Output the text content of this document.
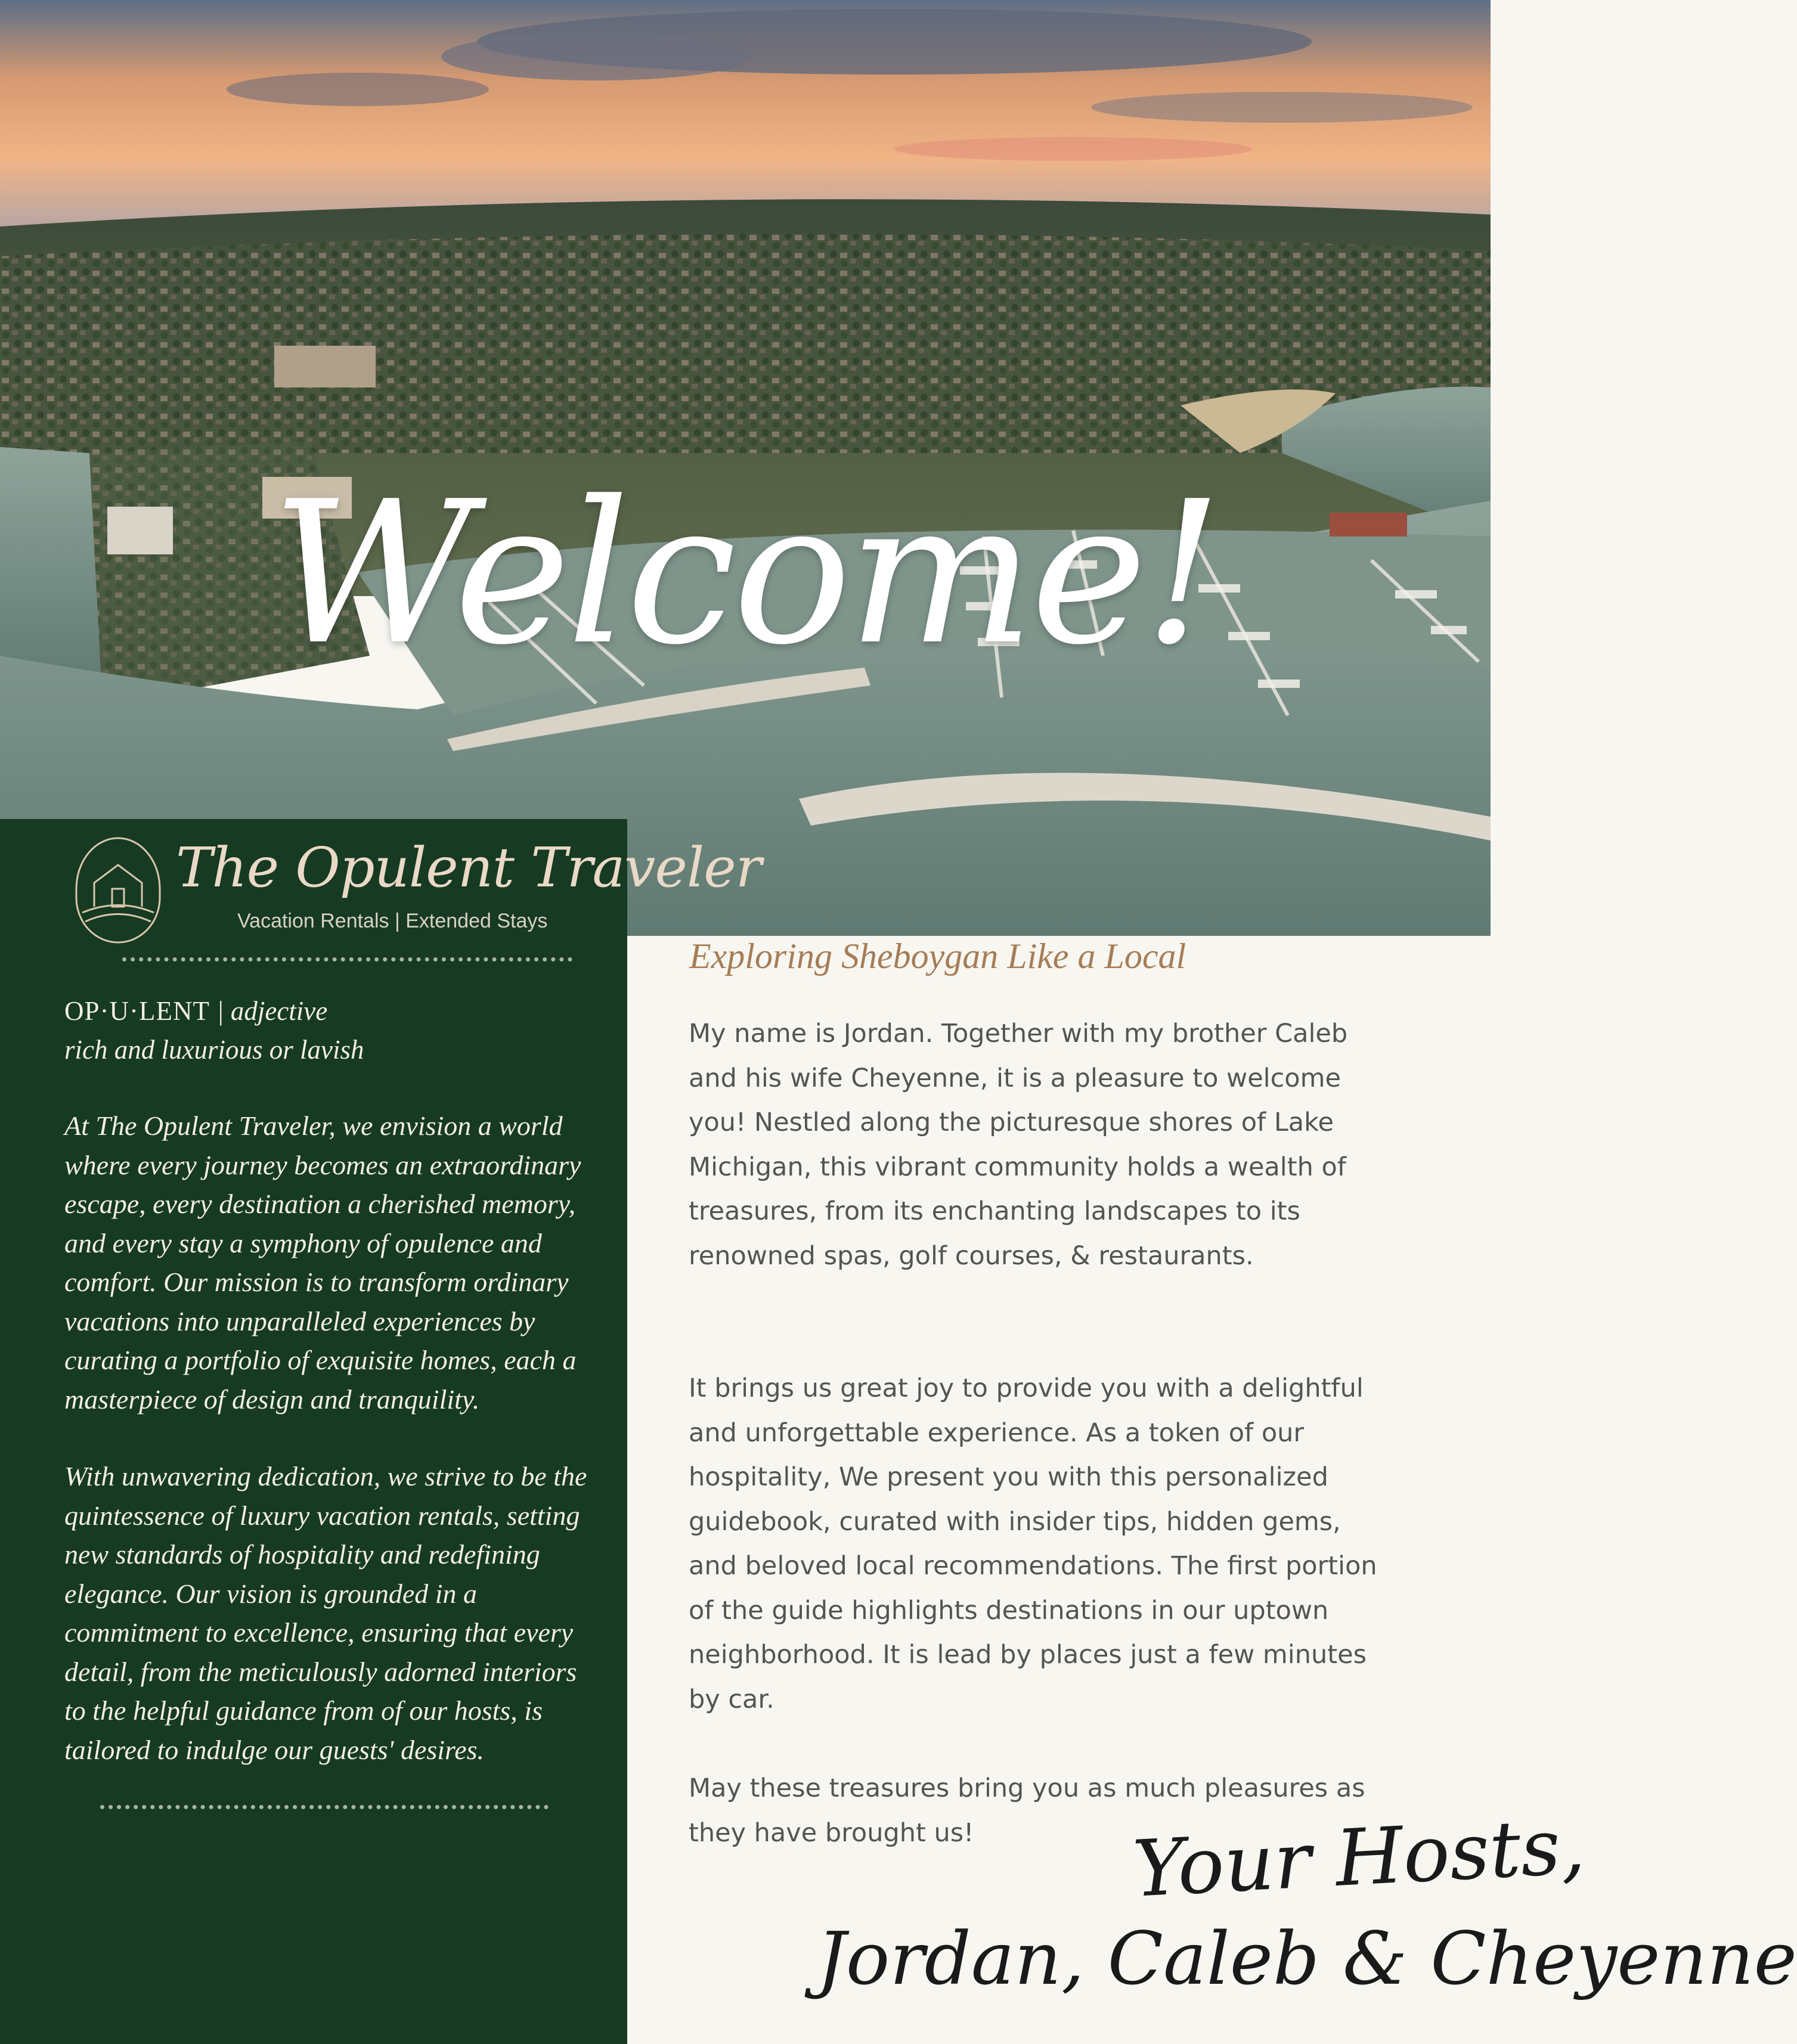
Welcome!
The Opulent Traveler
Vacation Rentals | Extended Stays
OP·U·LENT | adjective
rich and luxurious or lavish
At The Opulent Traveler, we envision a world where every journey becomes an extraordinary escape, every destination a cherished memory, and every stay a symphony of opulence and comfort. Our mission is to transform ordinary vacations into unparalleled experiences by curating a portfolio of exquisite homes, each a masterpiece of design and tranquility.
With unwavering dedication, we strive to be the quintessence of luxury vacation rentals, setting new standards of hospitality and redefining elegance. Our vision is grounded in a commitment to excellence, ensuring that every detail, from the meticulously adorned interiors to the helpful guidance from of our hosts, is tailored to indulge our guests' desires.
Exploring Sheboygan Like a Local
My name is Jordan. Together with my brother Caleb and his wife Cheyenne, it is a pleasure to welcome you! Nestled along the picturesque shores of Lake Michigan, this vibrant community holds a wealth of treasures, from its enchanting landscapes to its renowned spas, golf courses, & restaurants.
It brings us great joy to provide you with a delightful and unforgettable experience. As a token of our hospitality, We present you with this personalized guidebook, curated with insider tips, hidden gems, and beloved local recommendations. The first portion of the guide highlights destinations in our uptown neighborhood. It is lead by places just a few minutes by car.
May these treasures bring you as much pleasures as they have brought us!	Your Hosts,
Jordan, Caleb & Cheyenne
